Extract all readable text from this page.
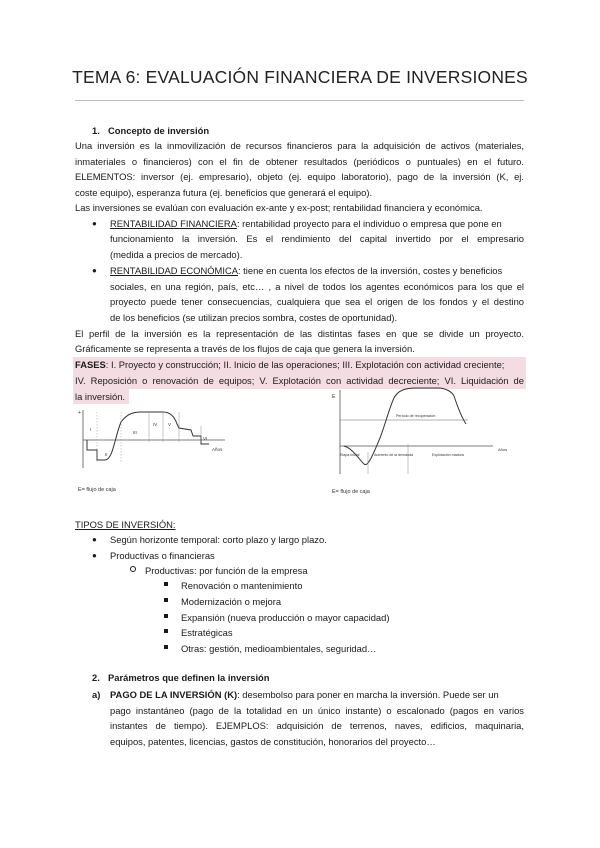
TEMA 6: EVALUACIÓN FINANCIERA DE INVERSIONES
1. Concepto de inversión
Una inversión es la inmovilización de recursos financieros para la adquisición de activos (materiales,
inmateriales o financieros) con el fin de obtener resultados (periódicos o puntuales) en el futuro.
ELEMENTOS: inversor (ej. empresario), objeto (ej. equipo laboratorio), pago de la inversión (K, ej.
coste equipo), esperanza futura (ej. beneficios que generará el equipo).
Las inversiones se evalúan con evaluación ex-ante y ex-post; rentabilidad financiera y económica.
● RENTABILIDAD FINANCIERA: rentabilidad proyecto para el individuo o empresa que pone en
funcionamiento la inversión. Es el rendimiento del capital invertido por el empresario
(medida a precios de mercado).
● RENTABILIDAD ECONÓMICA: tiene en cuenta los efectos de la inversión, costes y beneficios
sociales, en una región, país, etc… , a nivel de todos los agentes económicos para los que el
proyecto puede tener consecuencias, cualquiera que sea el origen de los fondos y el destino
de los beneficios (se utilizan precios sombra, costes de oportunidad).
El perfil de la inversión es la representación de las distintas fases en que se divide un proyecto.
Gráficamente se representa a través de los flujos de caja que genera la inversión.
FASES: I. Proyecto y construcción; II. Inicio de las operaciones; III. Explotación con actividad creciente;
IV. Reposición o renovación de equipos; V. Explotación con actividad decreciente; VI. Liquidación de
la inversión.
I
II
III
IV V
VI
+
Años
E= flujo de caja
E
Etapa inicial	Aumento de la demanda	Explotación madura
Período de recuperación
Años
E= flujo de caja
TIPOS DE INVERSIÓN:
● Según horizonte temporal: corto plazo y largo plazo.
● Productivas o financieras
Productivas: por función de la empresa
Renovación o mantenimiento
Modernización o mejora
Expansión (nueva producción o mayor capacidad)
Estratégicas
Otras: gestión, medioambientales, seguridad…
2. Parámetros que definen la inversión
a) PAGO DE LA INVERSIÓN (K): desembolso para poner en marcha la inversión. Puede ser un
pago instantáneo (pago de la totalidad en un único instante) o escalonado (pagos en varios
instantes de tiempo). EJEMPLOS: adquisición de terrenos, naves, edificios, maquinaria,
equipos, patentes, licencias, gastos de constitución, honorarios del proyecto…
